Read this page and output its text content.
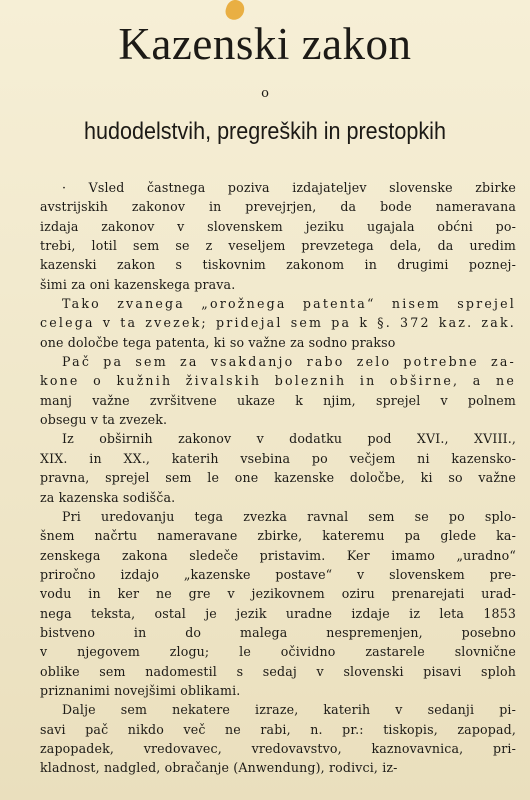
Kazenski zakon
o
hudodelstvih, pregreških in prestopkih
· Vsled častnega poziva izdajateljev slovenske zbirke
avstrijskih zakonov in prevejrjen, da bode nameravana
izdaja zakonov v slovenskem jeziku ugajala obćni po-
trebi, lotil sem se z veseljem prevzetega dela, da uredim
kazenski zakon s tiskovnim zakonom in drugimi poznej-
šimi za oni kazenskega prava.
Tako zvanega „orožnega patenta“ nisem sprejel
celega v ta zvezek; pridejal sem pa k §. 372 kaz. zak.
one določbe tega patenta, ki so važne za sodno prakso
Pač pa sem za vsakdanjo rabo zelo potrebne za-
kone o kužnih živalskih boleznih in obširne, a ne
manj važne zvršitvene ukaze k njim, sprejel v polnem
obsegu v ta zvezek.
Iz obširnih zakonov v dodatku pod XVI., XVIII.,
XIX. in XX., katerih vsebina po večjem ni kazensko-
pravna, sprejel sem le one kazenske določbe, ki so važne
za kazenska sodišča.
Pri uredovanju tega zvezka ravnal sem se po splo-
šnem načrtu nameravane zbirke, kateremu pa glede ka-
zenskega zakona sledeče pristavim. Ker imamo „uradno“
priročno izdajo „kazenske postave“ v slovenskem pre-
vodu in ker ne gre v jezikovnem oziru prenarejati urad-
nega teksta, ostal je jezik uradne izdaje iz leta 1853
bistveno in do malega nespremenjen, posebno
v njegovem zlogu; le očividno zastarele slovnične
oblike sem nadomestil s sedaj v slovenski pisavi sploh
priznanimi novejšimi oblikami.
Dalje sem nekatere izraze, katerih v sedanji pi-
savi pač nikdo več ne rabi, n. pr.: tiskopis, zapopad,
zapopadek, vredovavec, vredovavstvo, kaznovavnica, pri-
kladnost, nadgled, obračanje (Anwendung), rodivci, iz-
